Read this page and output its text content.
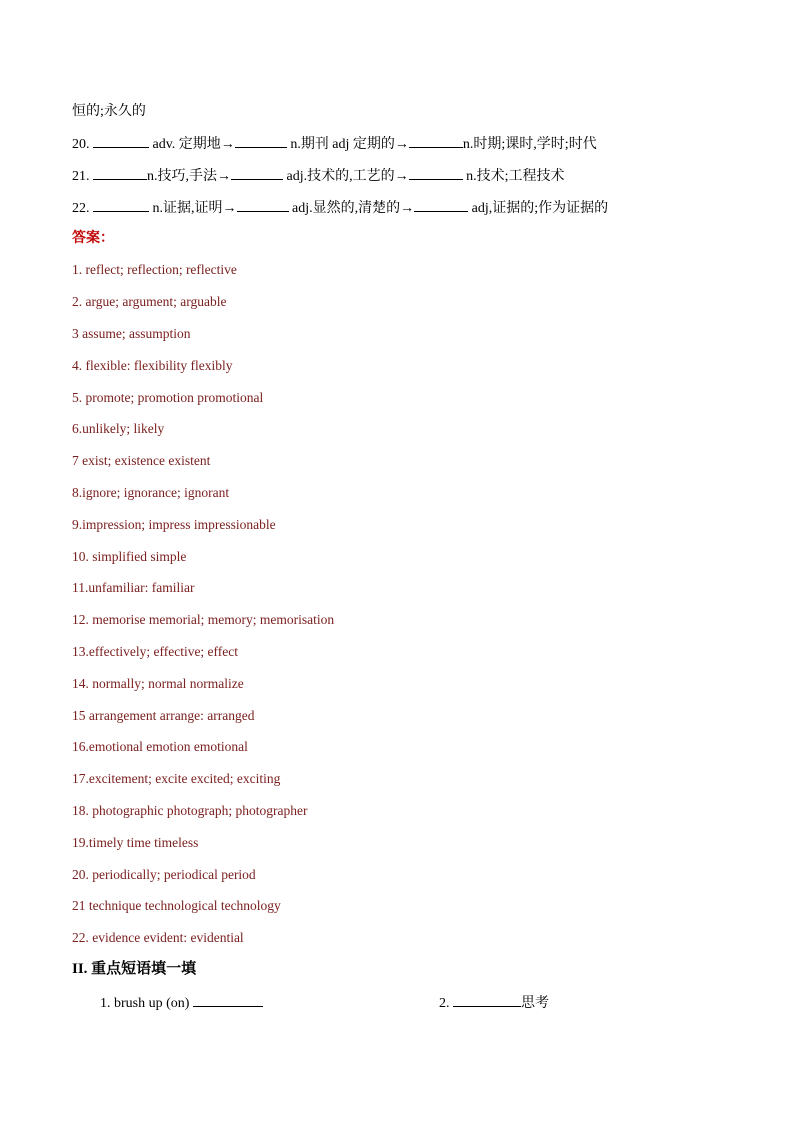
恒的;永久的
20.	adv. 定期地→	n.期刊 adj 定期的→	n.时期;课时,学时;时代
21.	n.技巧,手法→	adj.技术的,工艺的→	n.技术;工程技术
22.	n.证据,证明→	adj.显然的,清楚的→	adj,证据的;作为证据的
答案：
1. reflect; reflection; reflective
2. argue; argument; arguable
3 assume; assumption
4. flexible: flexibility flexibly
5. promote; promotion promotional
6.unlikely; likely
7 exist; existence existent
8.ignore; ignorance; ignorant
9.impression; impress impressionable
10. simplified simple
11.unfamiliar: familiar
12. memorise memorial; memory; memorisation
13.effectively; effective; effect
14. normally; normal normalize
15 arrangement arrange: arranged
16.emotional emotion emotional
17.excitement; excite excited; exciting
18. photographic photograph; photographer
19.timely time timeless
20. periodically; periodical period
21 technique technological technology
22. evidence evident: evidential
II. 重点短语填一填
1. brush up (on)	2.	思考
